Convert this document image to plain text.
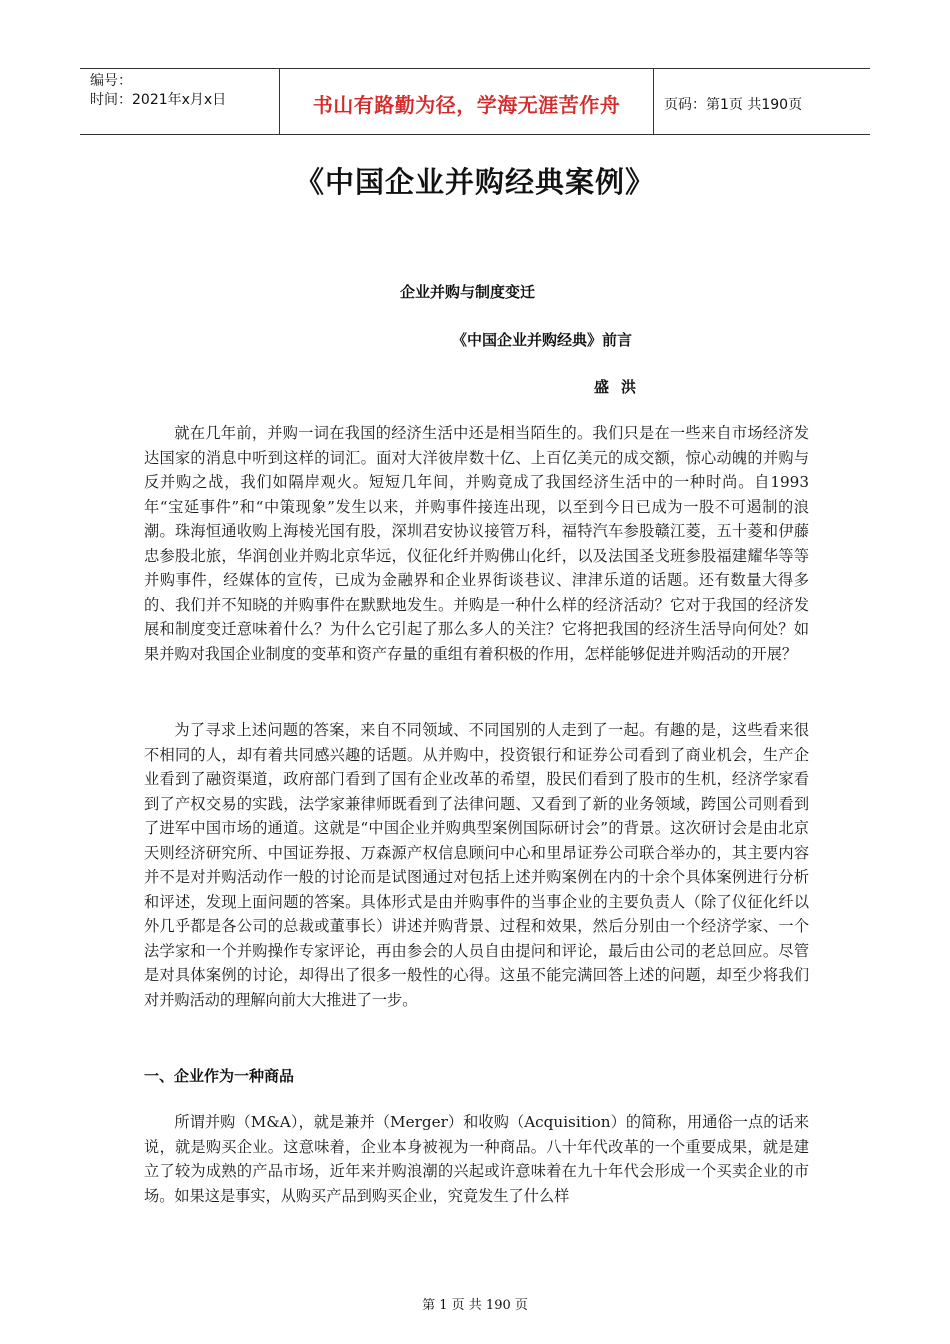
编号：
时间：2021年x月x日	书山有路勤为径，学海无涯苦作舟	页码：第1页 共190页
《中国企业并购经典案例》
企业并购与制度变迁
《中国企业并购经典》前言
盛洪

就在几年前，并购一词在我国的经济生活中还是相当陌生的。我们只是在一些来自市场经济发达国家的消息中听到这样的词汇。面对大洋彼岸数十亿、上百亿美元的成交额，惊心动魄的并购与反并购之战，我们如隔岸观火。短短几年间，并购竟成了我国经济生活中的一种时尚。自1993年“宝延事件”和“中策现象”发生以来，并购事件接连出现，以至到今日已成为一股不可遏制的浪潮。珠海恒通收购上海棱光国有股，深圳君安协议接管万科，福特汽车参股赣江菱，五十菱和伊藤忠参股北旅，华润创业并购北京华远，仪征化纤并购佛山化纤，以及法国圣戈班参股福建耀华等等并购事件，经媒体的宣传，已成为金融界和企业界街谈巷议、津津乐道的话题。还有数量大得多的、我们并不知晓的并购事件在默默地发生。并购是一种什么样的经济活动？它对于我国的经济发展和制度变迁意味着什么？为什么它引起了那么多人的关注？它将把我国的经济生活导向何处？如果并购对我国企业制度的变革和资产存量的重组有着积极的作用，怎样能够促进并购活动的开展？

为了寻求上述问题的答案，来自不同领域、不同国别的人走到了一起。有趣的是，这些看来很不相同的人，却有着共同感兴趣的话题。从并购中，投资银行和证券公司看到了商业机会，生产企业看到了融资渠道，政府部门看到了国有企业改革的希望，股民们看到了股市的生机，经济学家看到了产权交易的实践，法学家兼律师既看到了法律问题、又看到了新的业务领域，跨国公司则看到了进军中国市场的通道。这就是“中国企业并购典型案例国际研讨会”的背景。这次研讨会是由北京天则经济研究所、中国证券报、万森源产权信息顾问中心和里昂证券公司联合举办的，其主要内容并不是对并购活动作一般的讨论而是试图通过对包括上述并购案例在内的十余个具体案例进行分析和评述，发现上面问题的答案。具体形式是由并购事件的当事企业的主要负责人（除了仪征化纤以外几乎都是各公司的总裁或董事长）讲述并购背景、过程和效果，然后分别由一个经济学家、一个法学家和一个并购操作专家评论，再由参会的人员自由提问和评论，最后由公司的老总回应。尽管是对具体案例的讨论，却得出了很多一般性的心得。这虽不能完满回答上述的问题，却至少将我们对并购活动的理解向前大大推进了一步。

一、企业作为一种商品

所谓并购（M&A），就是兼并（Merger）和收购（Acquisition）的简称，用通俗一点的话来说，就是购买企业。这意味着，企业本身被视为一种商品。八十年代改革的一个重要成果，就是建立了较为成熟的产品市场，近年来并购浪潮的兴起或许意味着在九十年代会形成一个买卖企业的市场。如果这是事实，从购买产品到购买企业，究竟发生了什么样

第 1 页 共 190 页
